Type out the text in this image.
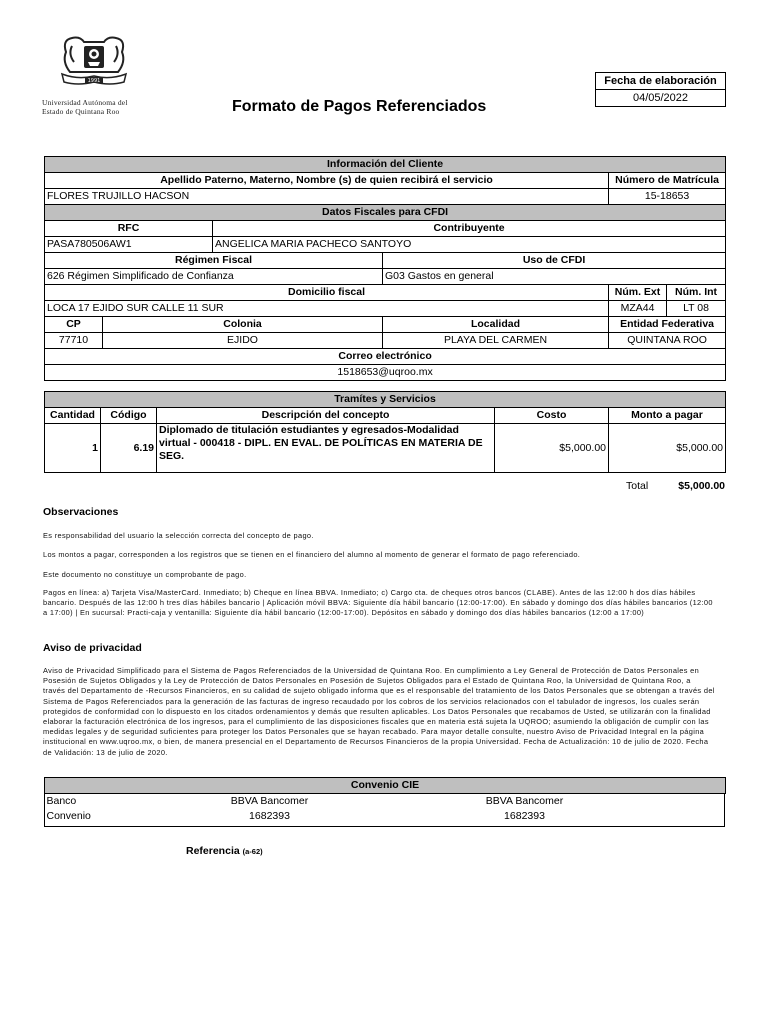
1991
Universidad Autónoma del
Estado de Quintana Roo	Formato de Pagos Referenciados
Fecha de elaboración
04/05/2022
Información del Cliente					
Apellido Paterno, Materno, Nombre (s) de quien recibirá el servicio				Número de Matrícula	
FLORES TRUJILLO HACSON				15-18653	
Datos Fiscales para CFDI					
RFC		Contribuyente			
PASA780506AW1		ANGELICA MARIA PACHECO SANTOYO			
Régimen Fiscal			Uso de CFDI		
626 Régimen Simplificado de Confianza			G03 Gastos en general		
Domicilio fiscal				Núm. Ext	Núm. Int
LOCA 17 EJIDO SUR CALLE 11 SUR				MZA44	LT 08
CP	Colonia		Localidad	Entidad Federativa	
77710	EJIDO		PLAYA DEL CARMEN	QUINTANA ROO	
Correo electrónico					
1518653@uqroo.mx					
Tramítes y Servicios				
Cantidad	Código	Descripción del concepto	Costo	Monto a pagar
1	6.19	Diplomado de titulación estudiantes y egresados-Modalidad virtual - 000418 - DIPL. EN EVAL. DE POLÍTICAS EN MATERIA DE SEG.	$5,000.00	$5,000.00
Total	$5,000.00
Observaciones
Es responsabilidad del usuario la selección correcta del concepto de pago.
Los montos a pagar, corresponden a los registros que se tienen en el financiero del alumno al momento de generar el formato de pago referenciado.
Este documento no constituye un comprobante de pago.
Pagos en línea: a) Tarjeta Visa/MasterCard. Inmediato; b) Cheque en línea BBVA. Inmediato; c) Cargo cta. de cheques otros bancos (CLABE). Antes de las 12:00 h dos días hábiles bancario. Después de las 12:00 h tres días hábiles bancario | Aplicación móvil BBVA: Siguiente día hábil bancario (12:00-17:00). En sábado y domingo dos días hábiles bancarios (12:00 a 17:00) | En sucursal: Practi-caja y ventanilla: Siguiente día hábil bancario (12:00-17:00). Depósitos en sábado y domingo dos días hábiles bancarios (12:00 a 17:00)
Aviso de privacidad
Aviso de Privacidad Simplificado para el Sistema de Pagos Referenciados de la Universidad de Quintana Roo. En cumplimiento a Ley General de Protección de Datos Personales en Posesión de Sujetos Obligados y la Ley de Protección de Datos Personales en Posesión de Sujetos Obligados para el Estado de Quintana Roo, la Universidad de Quintana Roo, a través del Departamento de -Recursos Financieros, en su calidad de sujeto obligado informa que es el responsable del tratamiento de los Datos Personales que se obtengan a través del Sistema de Pagos Referenciados para la generación de las facturas de ingreso recaudado por los cobros de los servicios relacionados con el tabulador de ingresos, los cuales serán protegidos de conformidad con lo dispuesto en los citados ordenamientos y demás que resulten aplicables. Los Datos Personales que recabamos de Usted, se utilizarán con la finalidad elaborar la facturación electrónica de los ingresos, para el cumplimiento de las disposiciones fiscales que en materia está sujeta la UQROO; asumiendo la obligación de cumplir con las medidas legales y de seguridad suficientes para proteger los Datos Personales que se hayan recabado. Para mayor detalle consulte, nuestro Aviso de Privacidad Integral en la página institucional en www.uqroo.mx, o bien, de manera presencial en el Departamento de Recursos Financieros de la propia Universidad. Fecha de Actualización: 10 de julio de 2020. Fecha de Validación: 13 de julio de 2020.
Convenio CIE				
Banco	BBVA Bancomer		BBVA Bancomer	
Convenio	1682393		1682393	
Referencia (a-62)
